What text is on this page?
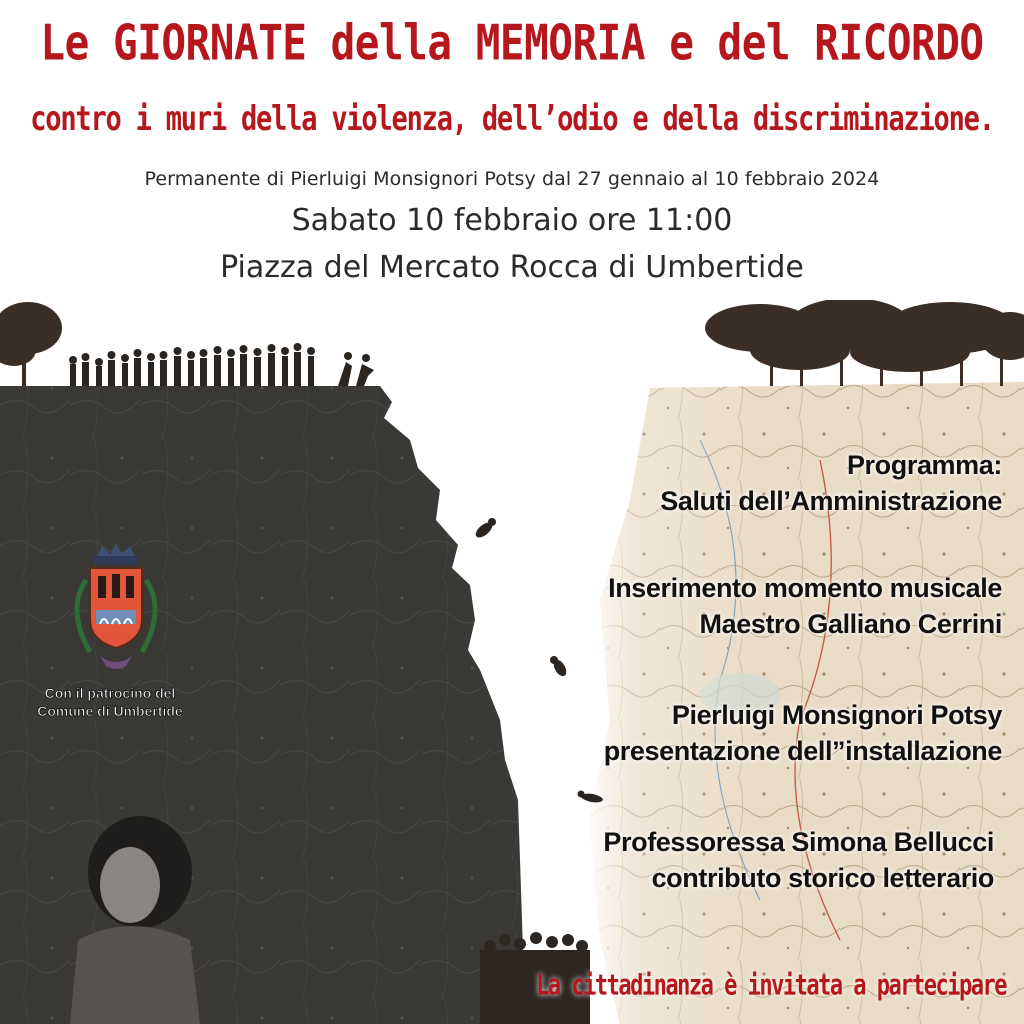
Le GIORNATE della MEMORIA e del RICORDO
contro i muri della violenza, dell’odio e della discriminazione.
Permanente di Pierluigi Monsignori Potsy dal 27 gennaio al 10 febbraio 2024
Sabato 10 febbraio ore 11:00
Piazza del Mercato Rocca di Umbertide
Con il patrocino del
Comune di Umbertide
Programma:
Saluti dell’Amministrazione
Inserimento momento musicale
Maestro Galliano Cerrini
Pierluigi Monsignori Potsy
presentazione dell”installazione
Professoressa Simona Bellucci
contributo storico letterario
La cittadinanza è invitata a partecipare
